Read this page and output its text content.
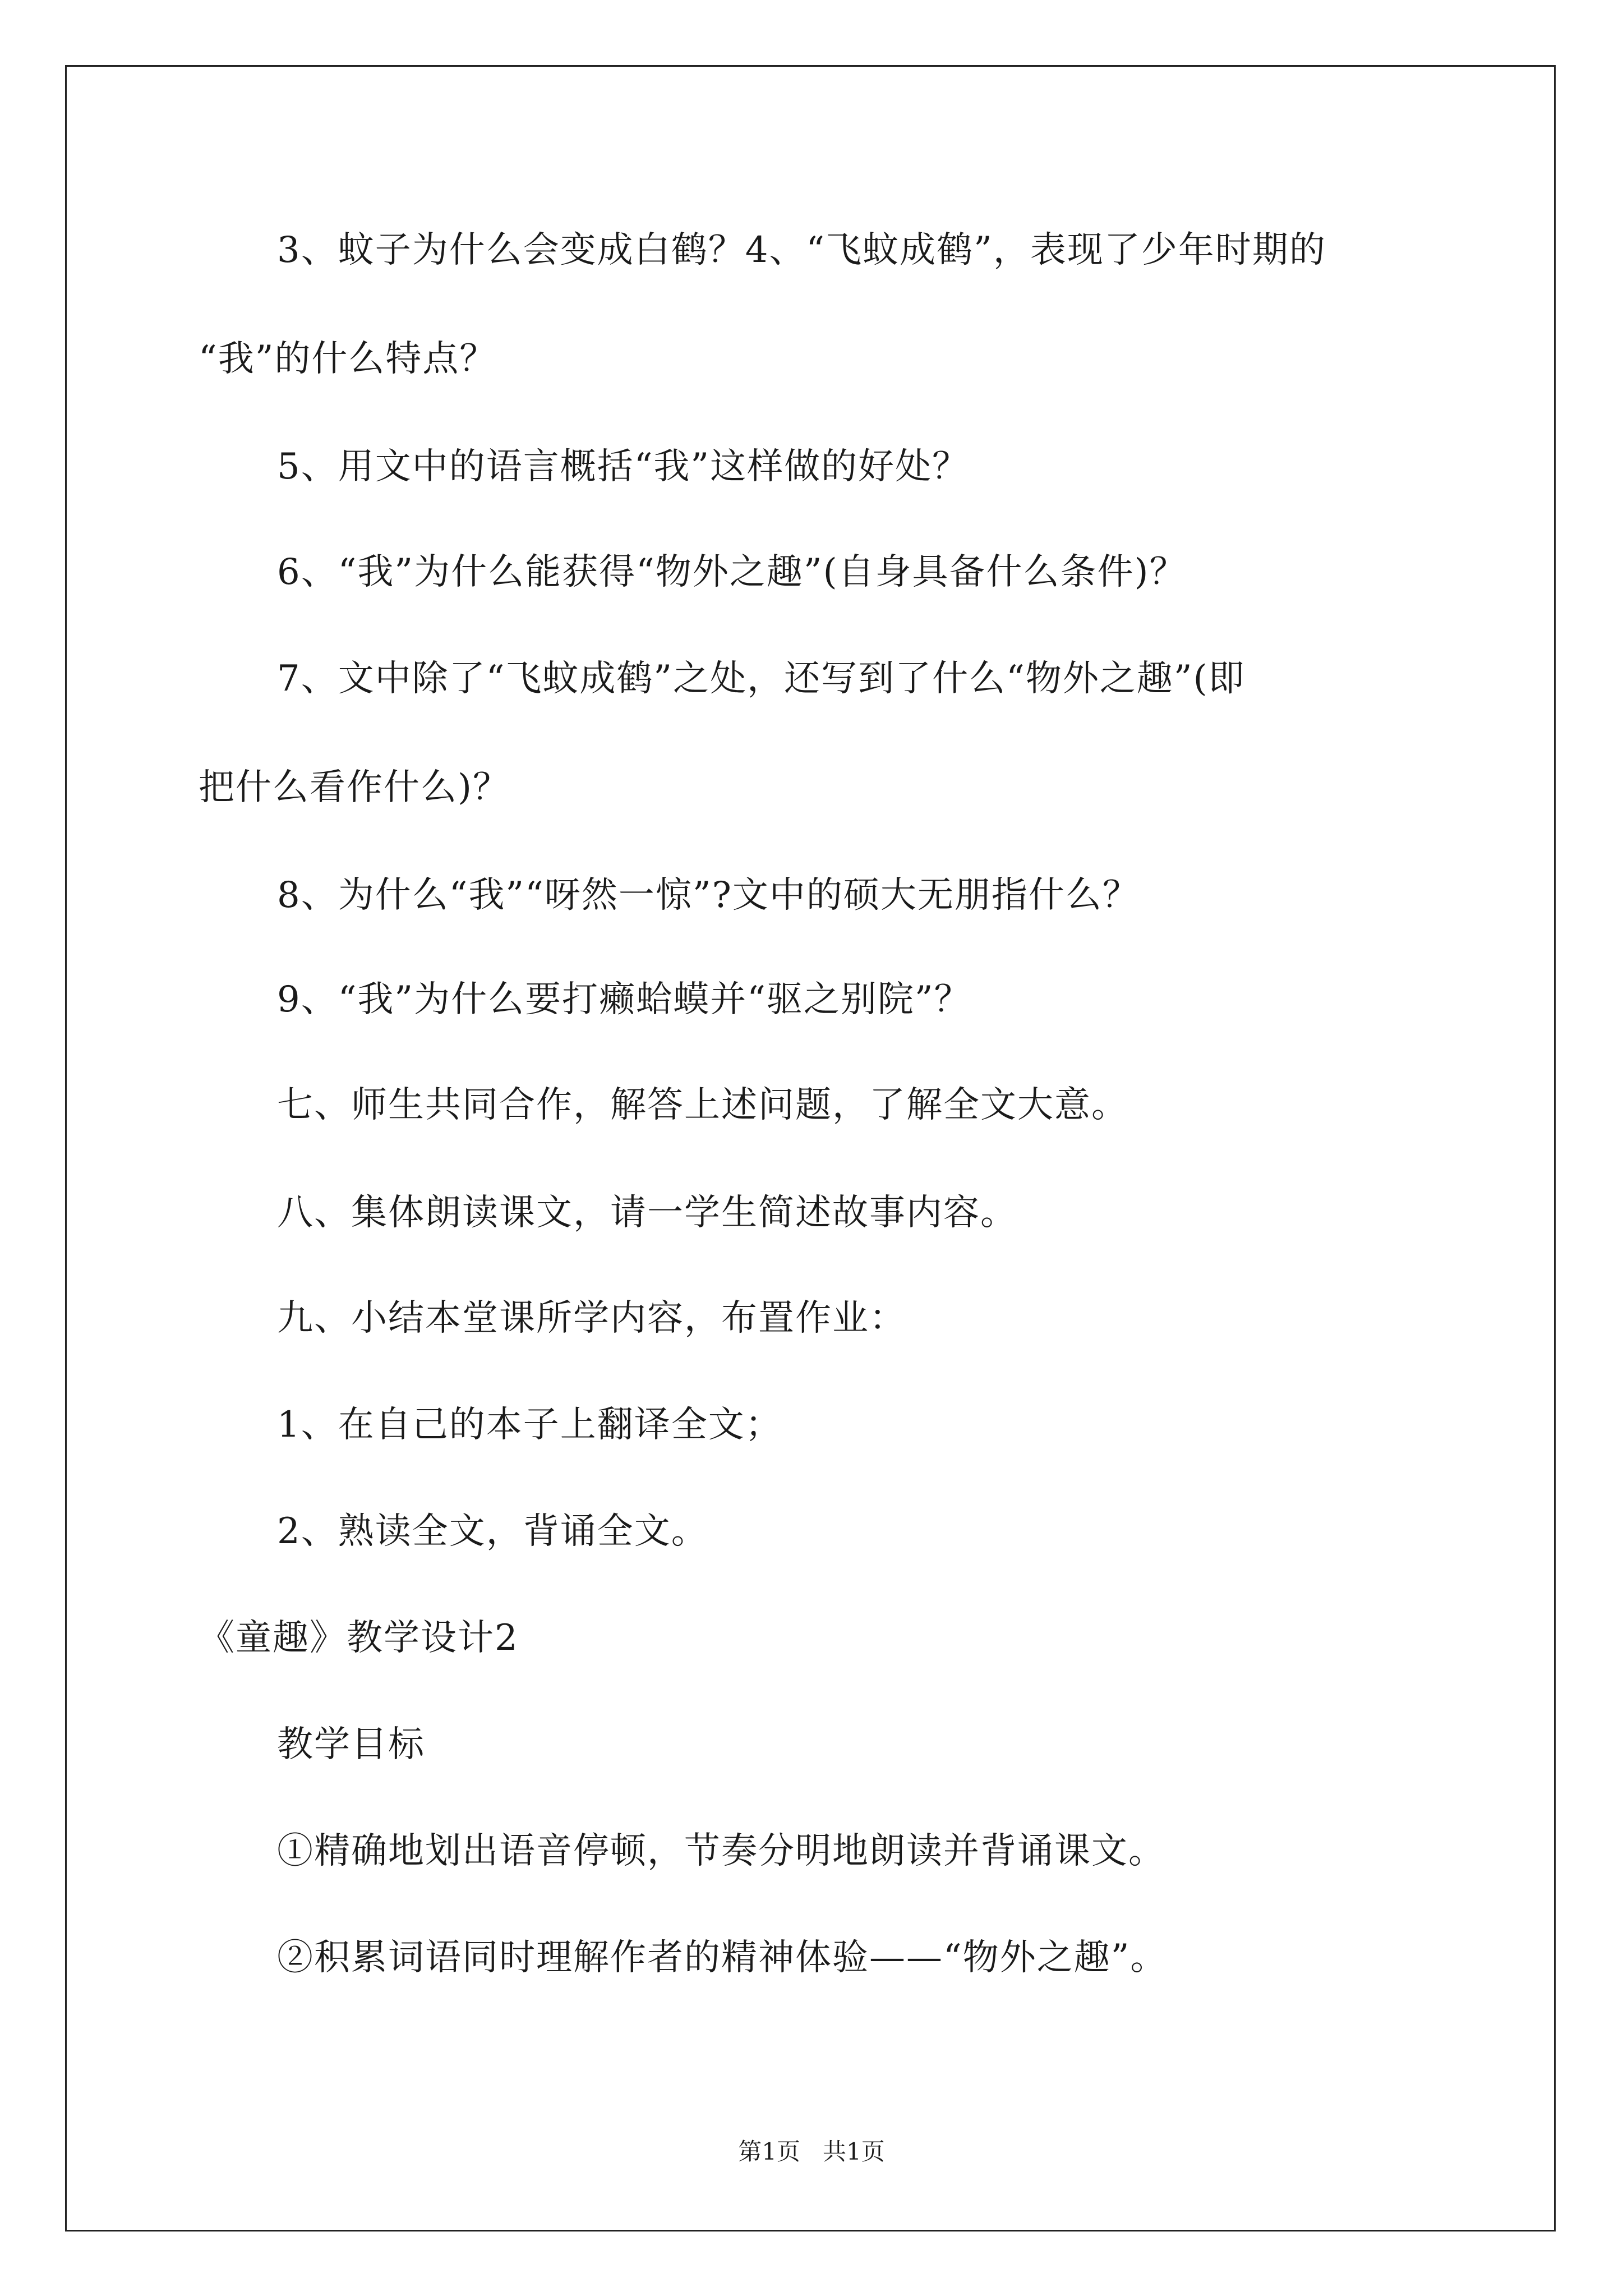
3、蚊子为什么会变成白鹤？4、“飞蚊成鹤”，表现了少年时期的
“我”的什么特点？
5、用文中的语言概括“我”这样做的好处？
6、“我”为什么能获得“物外之趣”(自身具备什么条件)？
7、文中除了“飞蚊成鹤”之处，还写到了什么“物外之趣”(即
把什么看作什么)？
8、为什么“我”“呀然一惊”?文中的硕大无朋指什么？
9、“我”为什么要打癞蛤蟆并“驱之别院”？
七、师生共同合作，解答上述问题，了解全文大意。
八、集体朗读课文，请一学生简述故事内容。
九、小结本堂课所学内容，布置作业：
1、在自己的本子上翻译全文；
2、熟读全文，背诵全文。
《童趣》教学设计2
教学目标
①精确地划出语音停顿，节奏分明地朗读并背诵课文。
②积累词语同时理解作者的精神体验——“物外之趣”。
第1页   共1页
